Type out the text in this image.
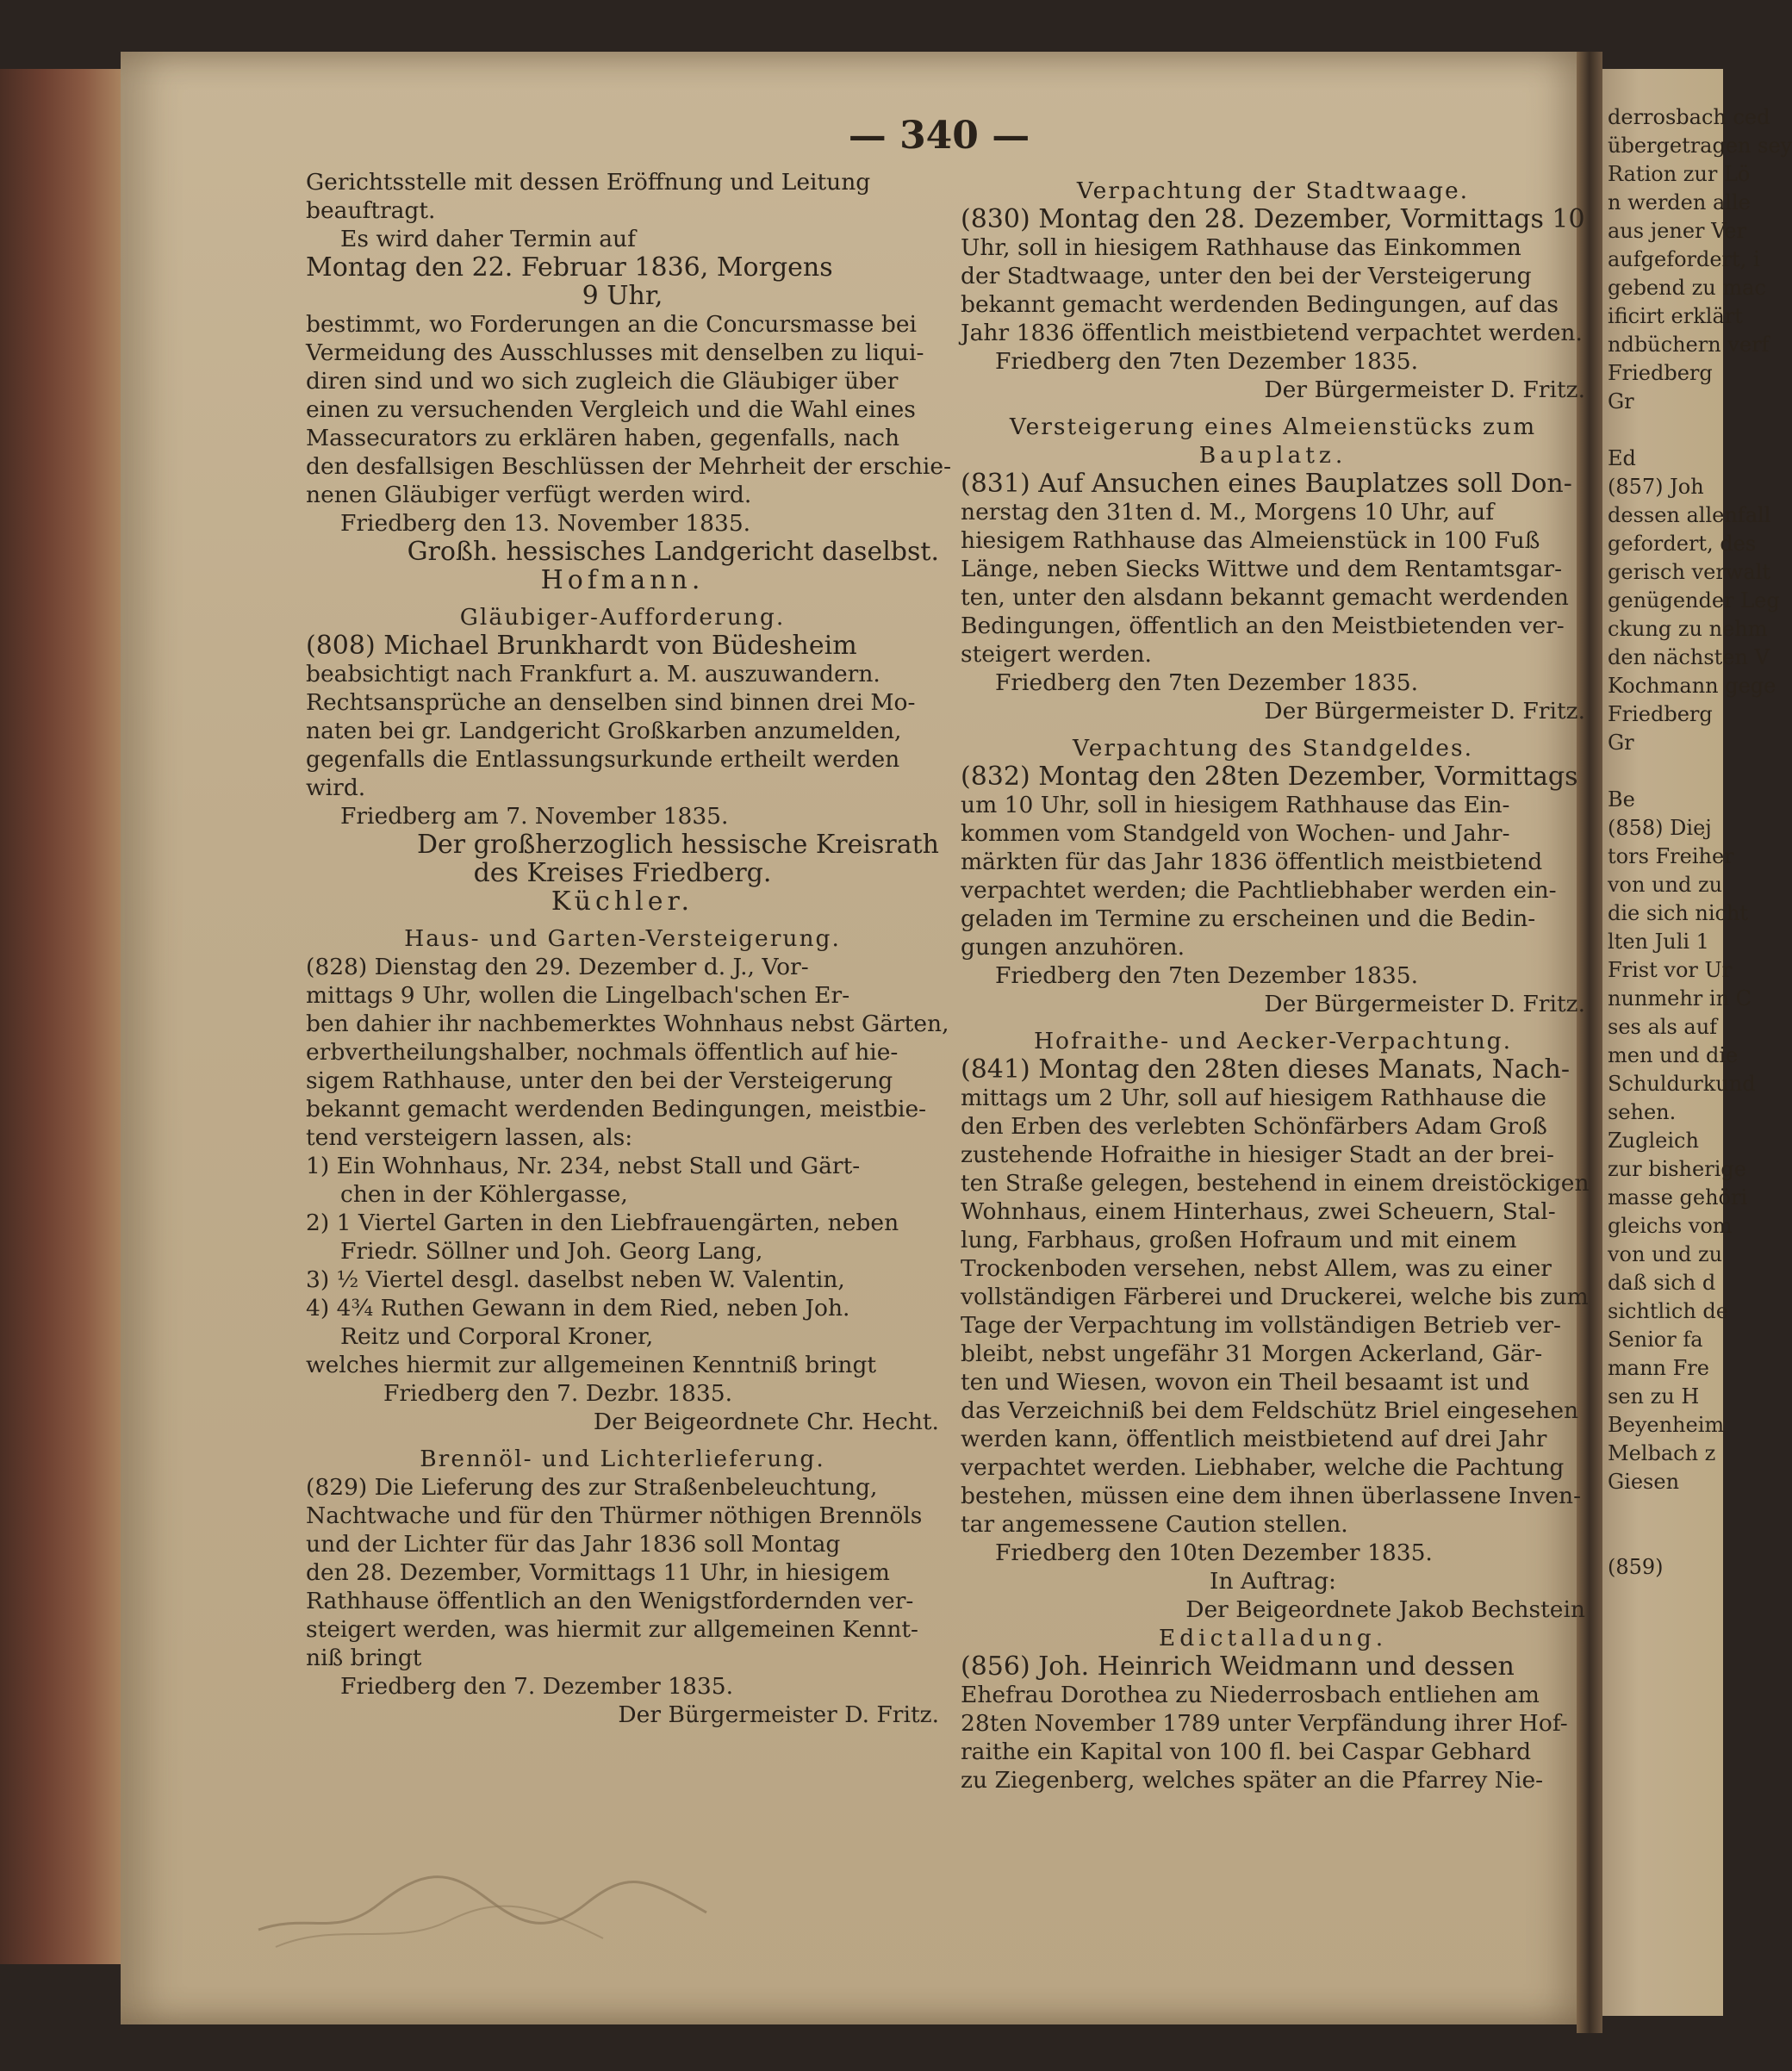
derrosbach ced
übergetragen sey
Ration zur Lö
n werden alle
aus jener Ver
aufgefordert, i
gebend zu mac
ificirt erklärt
ndbüchern verf
Friedberg
Gr

Ed
(857) Joh
dessen allenfall
gefordert, des
gerisch verwalt
genügender Leg
ckung zu nehm
den nächsten V
Kochmann gege
Friedberg
Gr

Be
(858) Diej
tors Freiher
von und zu
die sich nicht
lten Juli 1
Frist vor Ur
nunmehr in C
ses als auf
men und die
Schuldurkund
sehen.
Zugleich
zur bisherige
masse gehöri
gleichs vom
von und zu
daß sich d
sichtlich de
Senior fa
mann Fre
sen zu H
Beyenheim
Melbach z
Giesen

(859)
— 340 —
Gerichtsstelle mit dessen Eröffnung und Leitung
beauftragt.
Es wird daher Termin auf
Montag den 22. Februar 1836, Morgens
9 Uhr,
bestimmt, wo Forderungen an die Concursmasse bei
Vermeidung des Ausschlusses mit denselben zu liqui-
diren sind und wo sich zugleich die Gläubiger über
einen zu versuchenden Vergleich und die Wahl eines
Massecurators zu erklären haben, gegenfalls, nach
den desfallsigen Beschlüssen der Mehrheit der erschie-
nenen Gläubiger verfügt werden wird.
Friedberg den 13. November 1835.
Großh. hessisches Landgericht daselbst.
Hofmann.
Gläubiger-Aufforderung.
(808) Michael Brunkhardt von Büdesheim
beabsichtigt nach Frankfurt a. M. auszuwandern.
Rechtsansprüche an denselben sind binnen drei Mo-
naten bei gr. Landgericht Großkarben anzumelden,
gegenfalls die Entlassungsurkunde ertheilt werden
wird.
Friedberg am 7. November 1835.
Der großherzoglich hessische Kreisrath
des Kreises Friedberg.
Küchler.
Haus- und Garten-Versteigerung.
(828) Dienstag den 29. Dezember d. J., Vor-
mittags 9 Uhr, wollen die Lingelbach'schen Er-
ben dahier ihr nachbemerktes Wohnhaus nebst Gärten,
erbvertheilungshalber, nochmals öffentlich auf hie-
sigem Rathhause, unter den bei der Versteigerung
bekannt gemacht werdenden Bedingungen, meistbie-
tend versteigern lassen, als:
1) Ein Wohnhaus, Nr. 234, nebst Stall und Gärt-
chen in der Köhlergasse,
2) 1 Viertel Garten in den Liebfrauengärten, neben
Friedr. Söllner und Joh. Georg Lang,
3) ½ Viertel desgl. daselbst neben W. Valentin,
4) 4¾ Ruthen Gewann in dem Ried, neben Joh.
Reitz und Corporal Kroner,
welches hiermit zur allgemeinen Kenntniß bringt
Friedberg den 7. Dezbr. 1835.
Der Beigeordnete Chr. Hecht.
Brennöl- und Lichterlieferung.
(829) Die Lieferung des zur Straßenbeleuchtung,
Nachtwache und für den Thürmer nöthigen Brennöls
und der Lichter für das Jahr 1836 soll Montag
den 28. Dezember, Vormittags 11 Uhr, in hiesigem
Rathhause öffentlich an den Wenigstfordernden ver-
steigert werden, was hiermit zur allgemeinen Kennt-
niß bringt
Friedberg den 7. Dezember 1835.
Der Bürgermeister D. Fritz.
Verpachtung der Stadtwaage.
(830) Montag den 28. Dezember, Vormittags 10
Uhr, soll in hiesigem Rathhause das Einkommen
der Stadtwaage, unter den bei der Versteigerung
bekannt gemacht werdenden Bedingungen, auf das
Jahr 1836 öffentlich meistbietend verpachtet werden.
Friedberg den 7ten Dezember 1835.
Der Bürgermeister D. Fritz.
Versteigerung eines Almeienstücks zum
Bauplatz.
(831) Auf Ansuchen eines Bauplatzes soll Don-
nerstag den 31ten d. M., Morgens 10 Uhr, auf
hiesigem Rathhause das Almeienstück in 100 Fuß
Länge, neben Siecks Wittwe und dem Rentamtsgar-
ten, unter den alsdann bekannt gemacht werdenden
Bedingungen, öffentlich an den Meistbietenden ver-
steigert werden.
Friedberg den 7ten Dezember 1835.
Der Bürgermeister D. Fritz.
Verpachtung des Standgeldes.
(832) Montag den 28ten Dezember, Vormittags
um 10 Uhr, soll in hiesigem Rathhause das Ein-
kommen vom Standgeld von Wochen- und Jahr-
märkten für das Jahr 1836 öffentlich meistbietend
verpachtet werden; die Pachtliebhaber werden ein-
geladen im Termine zu erscheinen und die Bedin-
gungen anzuhören.
Friedberg den 7ten Dezember 1835.
Der Bürgermeister D. Fritz.
Hofraithe- und Aecker-Verpachtung.
(841) Montag den 28ten dieses Manats, Nach-
mittags um 2 Uhr, soll auf hiesigem Rathhause die
den Erben des verlebten Schönfärbers Adam Groß
zustehende Hofraithe in hiesiger Stadt an der brei-
ten Straße gelegen, bestehend in einem dreistöckigen
Wohnhaus, einem Hinterhaus, zwei Scheuern, Stal-
lung, Farbhaus, großen Hofraum und mit einem
Trockenboden versehen, nebst Allem, was zu einer
vollständigen Färberei und Druckerei, welche bis zum
Tage der Verpachtung im vollständigen Betrieb ver-
bleibt, nebst ungefähr 31 Morgen Ackerland, Gär-
ten und Wiesen, wovon ein Theil besaamt ist und
das Verzeichniß bei dem Feldschütz Briel eingesehen
werden kann, öffentlich meistbietend auf drei Jahr
verpachtet werden. Liebhaber, welche die Pachtung
bestehen, müssen eine dem ihnen überlassene Inven-
tar angemessene Caution stellen.
Friedberg den 10ten Dezember 1835.
In Auftrag:
Der Beigeordnete Jakob Bechstein
Edictalladung.
(856) Joh. Heinrich Weidmann und dessen
Ehefrau Dorothea zu Niederrosbach entliehen am
28ten November 1789 unter Verpfändung ihrer Hof-
raithe ein Kapital von 100 fl. bei Caspar Gebhard
zu Ziegenberg, welches später an die Pfarrey Nie-
